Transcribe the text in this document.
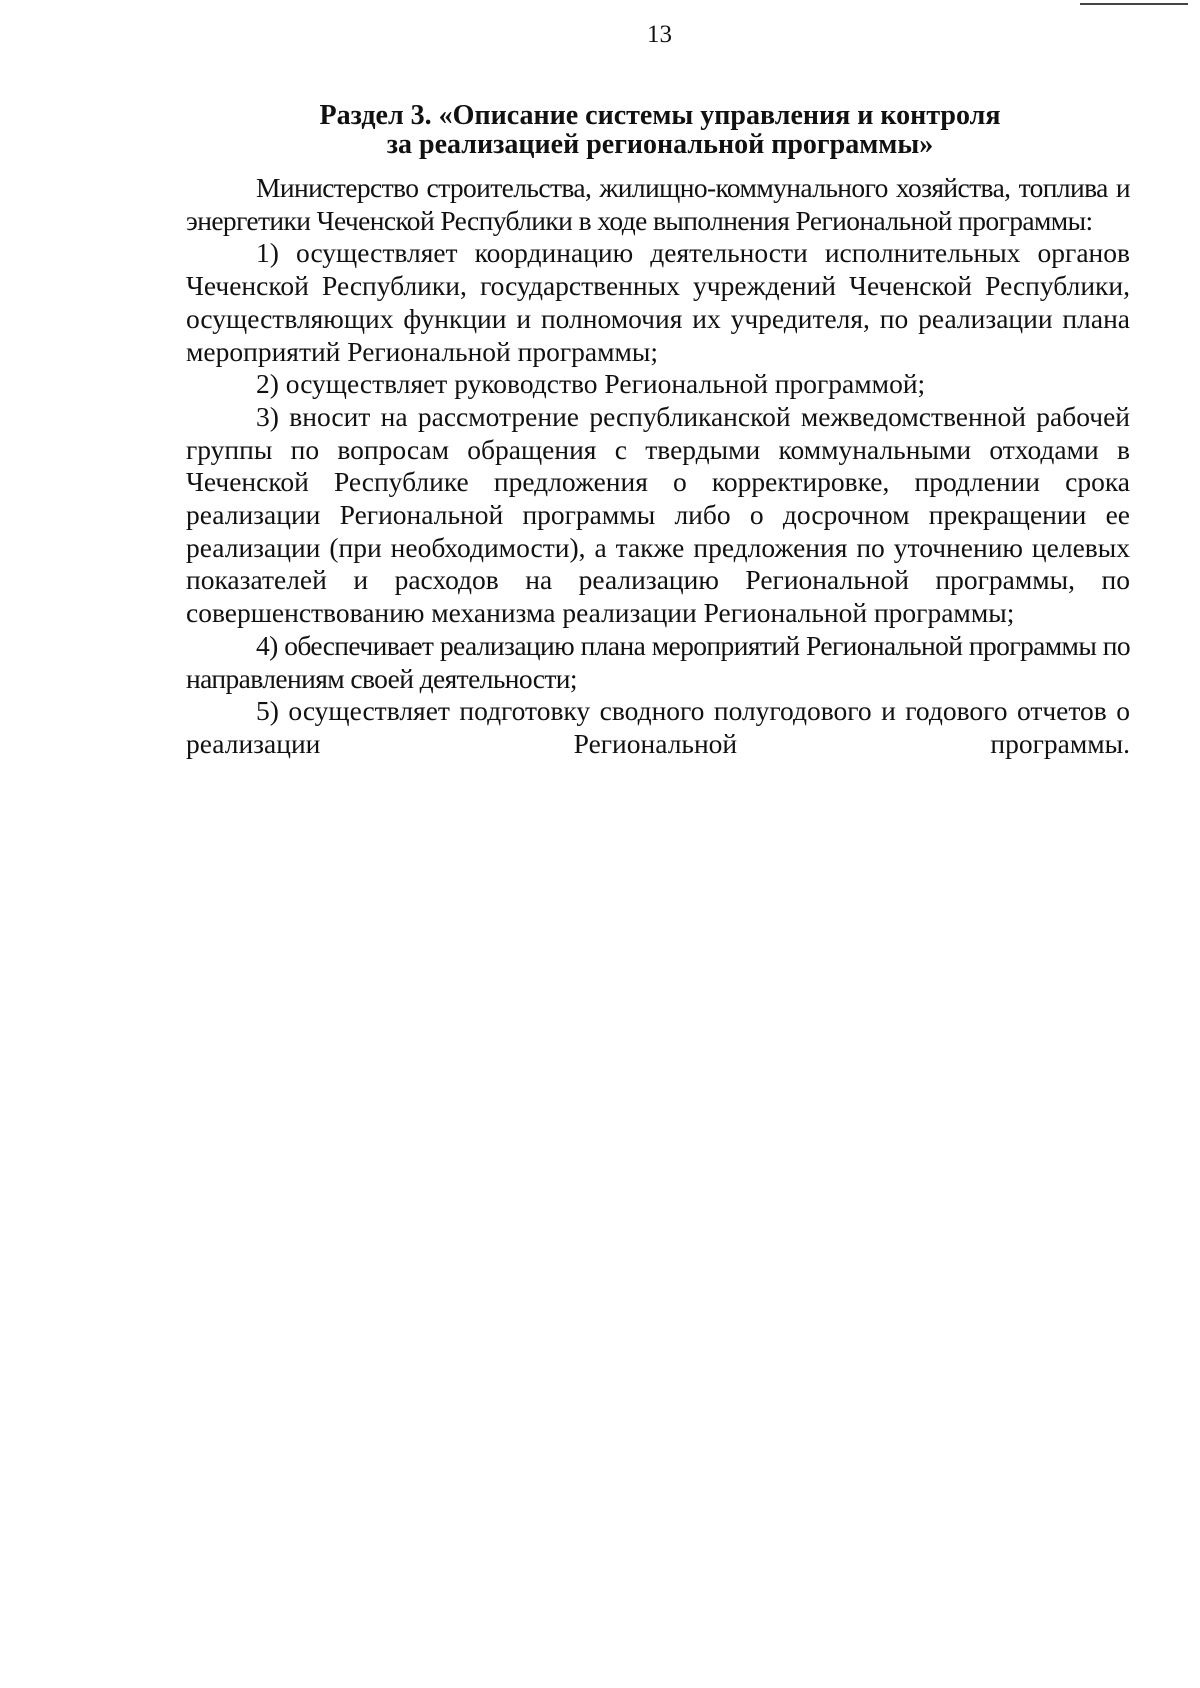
13
Раздел 3. «Описание системы управления и контроля
за реализацией региональной программы»

Министерство строительства, жилищно-коммунального хозяйства, топлива и энергетики Чеченской Республики в ходе выполнения Региональной программы:

1) осуществляет координацию деятельности исполнительных органов Чеченской Республики, государственных учреждений Чеченской Республики, осуществляющих функции и полномочия их учредителя, по реализации плана мероприятий Региональной программы;

2) осуществляет руководство Региональной программой;

3) вносит на рассмотрение республиканской межведомственной рабочей группы по вопросам обращения с твердыми коммунальными отходами в Чеченской Республике предложения о корректировке, продлении срока реализации Региональной программы либо о досрочном прекращении ее реализации (при необходимости), а также предложения по уточнению целевых показателей и расходов на реализацию Региональной программы, по совершенствованию механизма реализации Региональной программы;

4) обеспечивает реализацию плана мероприятий Региональной программы по направлениям своей деятельности;

5) осуществляет подготовку сводного полугодового и годового отчетов о реализации Региональной программы.
